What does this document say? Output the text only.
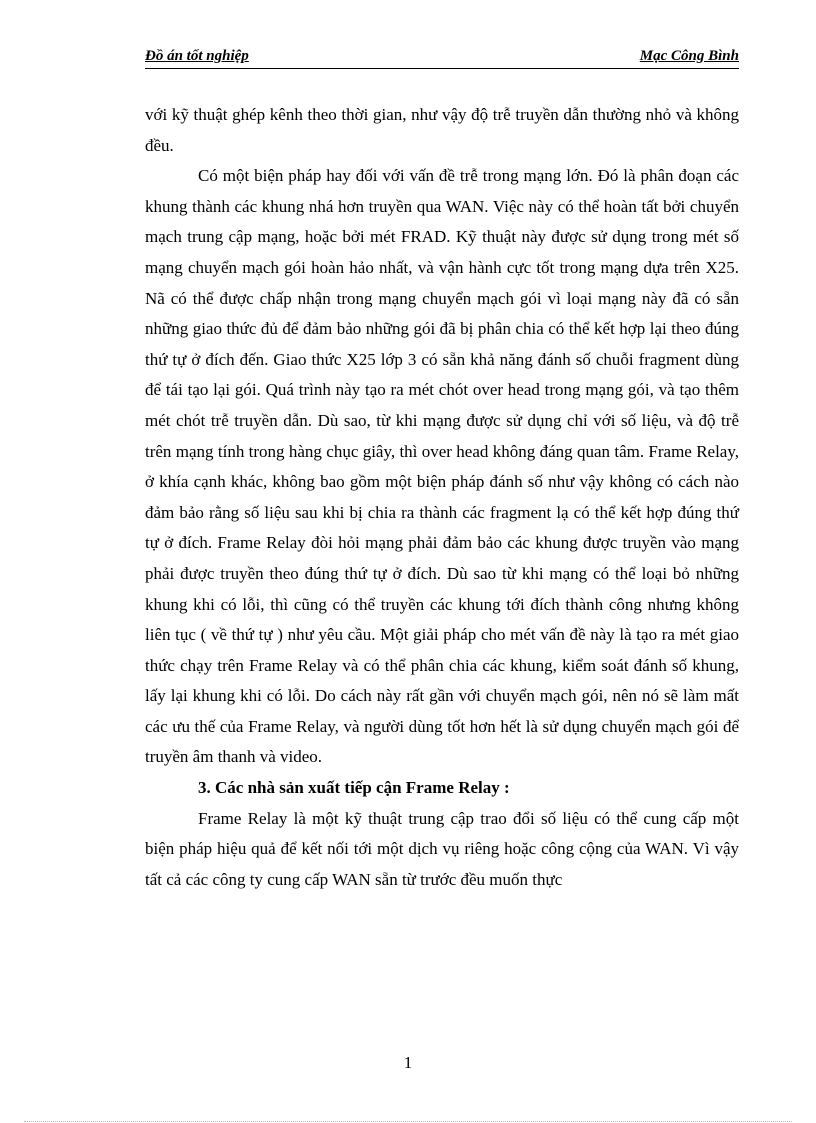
Đồ án tốt nghiệp	Mạc Công Bình

với kỹ thuật ghép kênh theo thời gian, như vậy độ trễ truyền dẫn thường nhỏ và không đều.

Có một biện pháp hay đối với vấn đề trễ trong mạng lớn. Đó là phân đoạn các khung thành các khung nhá hơn truyền qua WAN. Việc này có thể hoàn tất bởi chuyển mạch trung cập mạng, hoặc bởi mét FRAD. Kỹ thuật này được sử dụng trong mét số mạng chuyển mạch gói hoàn hảo nhất, và vận hành cực tốt trong mạng dựa trên X25. Nã có thể được chấp nhận trong mạng chuyển mạch gói vì loại mạng này đã có sẵn những giao thức đủ để đảm bảo những gói đã bị phân chia có thể kết hợp lại theo đúng thứ tự ở đích đến. Giao thức X25 lớp 3 có sẵn khả năng đánh số chuỗi fragment dùng để tái tạo lại gói. Quá trình này tạo ra mét chót over head trong mạng gói, và tạo thêm mét chót trễ truyền dẫn. Dù sao, từ khi mạng được sử dụng chỉ với số liệu, và độ trễ trên mạng tính trong hàng chục giây, thì over head không đáng quan tâm. Frame Relay, ở khía cạnh khác, không bao gồm một biện pháp đánh số như vậy không có cách nào đảm bảo rằng số liệu sau khi bị chia ra thành các fragment lạ có thể kết hợp đúng thứ tự ở đích. Frame Relay đòi hỏi mạng phải đảm bảo các khung được truyền vào mạng phải được truyền theo đúng thứ tự ở đích. Dù sao từ khi mạng có thể loại bỏ những khung khi có lỗi, thì cũng có thể truyền các khung tới đích thành công nhưng không liên tục ( về thứ tự ) như yêu cầu. Một giải pháp cho mét vấn đề này là tạo ra mét giao thức chạy trên Frame Relay và có thể phân chia các khung, kiểm soát đánh số khung, lấy lại khung khi có lỗi. Do cách này rất gần với chuyển mạch gói, nên nó sẽ làm mất các ưu thế của Frame Relay, và người dùng tốt hơn hết là sử dụng chuyển mạch gói để truyền âm thanh và video.

3. Các nhà sản xuất tiếp cận Frame Relay :

Frame Relay là một kỹ thuật trung cập trao đổi số liệu có thể cung cấp một biện pháp hiệu quả để kết nối tới một dịch vụ riêng hoặc công cộng của WAN. Vì vậy tất cả các công ty cung cấp WAN sẵn từ trước đều muốn thực

1
